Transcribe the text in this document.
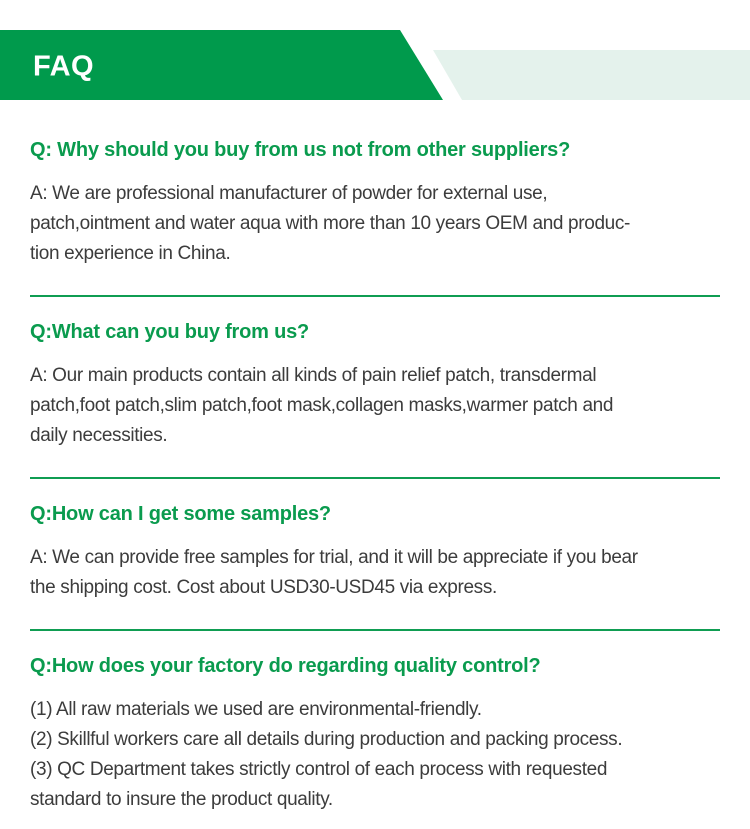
FAQ
Q: Why should you buy from us not from other suppliers?
A: We are professional manufacturer of powder for external use,
patch,ointment and water aqua with more than 10 years OEM and produc-
tion experience in China.
Q:What can you buy from us?
A: Our main products contain all kinds of pain relief patch, transdermal
patch,foot patch,slim patch,foot mask,collagen masks,warmer patch and
daily necessities.
Q:How can I get some samples?
A: We can provide free samples for trial, and it will be appreciate if you bear
the shipping cost. Cost about USD30-USD45 via express.
Q:How does your factory do regarding quality control?
(1) All raw materials we used are environmental-friendly.
(2) Skillful workers care all details during production and packing process.
(3) QC Department takes strictly control of each process with requested
standard to insure the product quality.
